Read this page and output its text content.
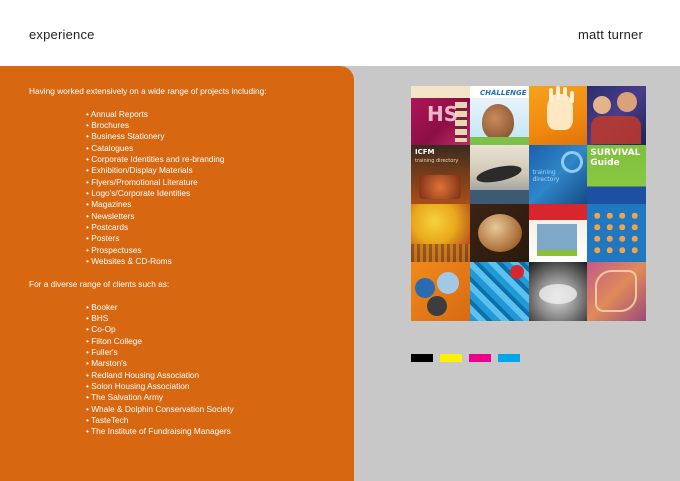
experience	matt turner
Having worked extensively on a wide range of projects including:
• Annual Reports
• Brochures
• Business Stationery
• Catalogues
• Corporate Identities and re-branding
• Exhibition/Display Materials
• Flyers/Promotional Literature
• Logo's/Corporate Identities
• Magazines
• Newsletters
• Postcards
• Posters
• Prospectuses
• Websites & CD-Roms
For a diverse range of clients such as:
• Booker
• BHS
• Co-Op
• Filton College
• Fuller's
• Marston's
• Redland Housing Association
• Solon Housing Association
• The Salvation Army
• Whale & Dolphin Conservation Society
• TasteTech
• The Institute of Fundraising Managers
HS
CHALLENGE
ICFM
training directory
training directory
SURVIVAL Guide
